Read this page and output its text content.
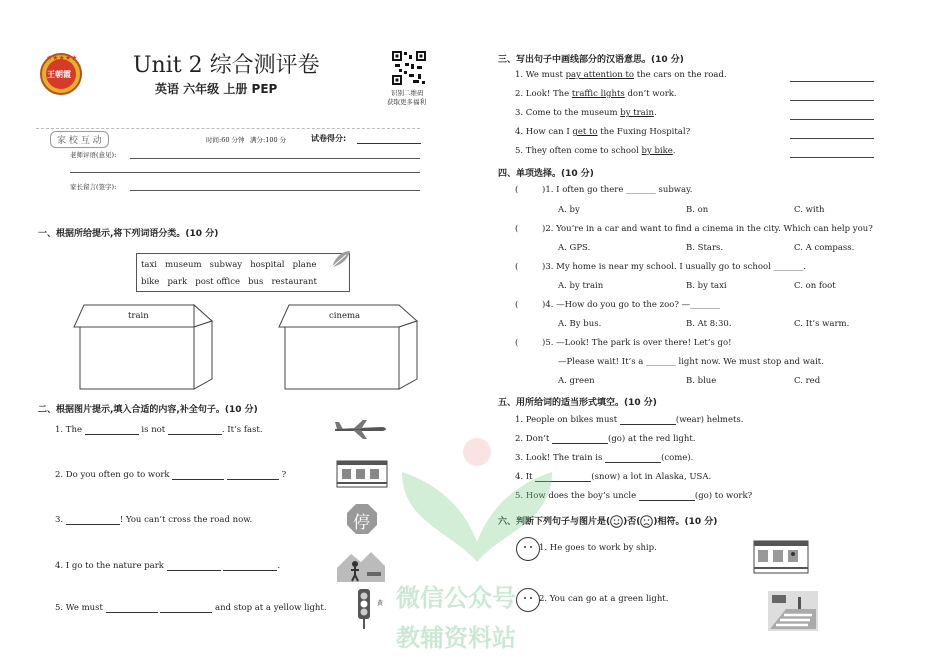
★★★★★
王朝霞	Unit 2 综合测评卷
英语 六年级 上册 PEP	识别二维码
获取更多福利
家 校 互 动	时间:60 分钟 满分:100 分	试卷得分:
老师评语(意见):
家长留言(签字):
一、根据所给提示,将下列词语分类。(10 分)
taxi   museum   subway   hospital   plane
bike   park   post office   bus   restaurant
train	cinema
二、根据图片提示,填入合适的内容,补全句子。(10 分)
1. The	is not	. It’s fast.
2. Do you often go to work	?
3.	! You can’t cross the road now.	停
4. I go to the nature park	.
5. We must	and stop at a yellow light.	黄
三、写出句子中画线部分的汉语意思。(10 分)
1. We must pay attention to the cars on the road.
2. Look! The traffic lights don’t work.
3. Come to the museum by train.
4. How can I get to the Fuxing Hospital?
5. They often come to school by bike.
四、单项选择。(10 分)
(	)1. I often go there _______ subway.
A. by	B. on	C. with
(	)2. You’re in a car and want to find a cinema in the city. Which can help you?
A. GPS.	B. Stars.	C. A compass.
(	)3. My home is near my school. I usually go to school _______.
A. by train	B. by taxi	C. on foot
(	)4. —How do you go to the zoo? —_______
A. By bus.	B. At 8:30.	C. It’s warm.
(	)5. —Look! The park is over there! Let’s go!
—Please wait! It’s a _______ light now. We must stop and wait.
A. green	B. blue	C. red
五、用所给词的适当形式填空。(10 分)
1. People on bikes must	(wear) helmets.
2. Don’t	(go) at the red light.
3. Look! The train is	(come).
4. It	(snow) a lot in Alaska, USA.
5. How does the boy’s uncle	(go) to work?
六、判断下列句子与图片是( )否( )相符。(10 分)
1. He goes to work by ship.
2. You can go at a green light.
微信公众号
教辅资料站
